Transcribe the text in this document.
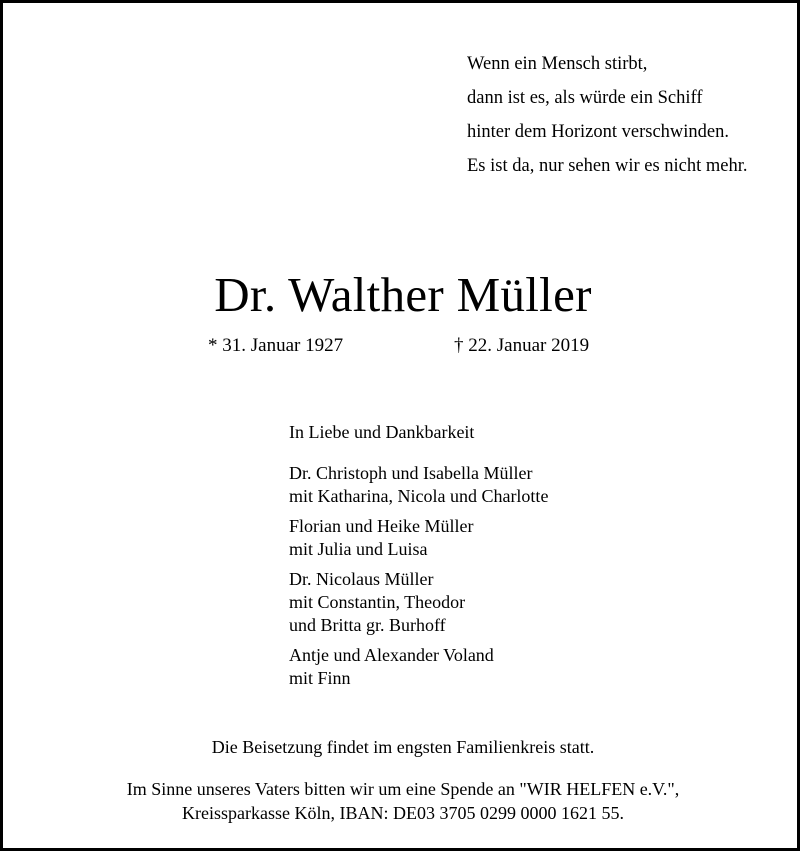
Wenn ein Mensch stirbt,
dann ist es, als würde ein Schiff
hinter dem Horizont verschwinden.
Es ist da, nur sehen wir es nicht mehr.
Dr. Walther Müller
* 31. Januar 1927	† 22. Januar 2019
In Liebe und Dankbarkeit
Dr. Christoph und Isabella Müller
mit Katharina, Nicola und Charlotte
Florian und Heike Müller
mit Julia und Luisa
Dr. Nicolaus Müller
mit Constantin, Theodor
und Britta gr. Burhoff
Antje und Alexander Voland
mit Finn
Die Beisetzung findet im engsten Familienkreis statt.
Im Sinne unseres Vaters bitten wir um eine Spende an "WIR HELFEN e.V.",
Kreissparkasse Köln, IBAN: DE03 3705 0299 0000 1621 55.
